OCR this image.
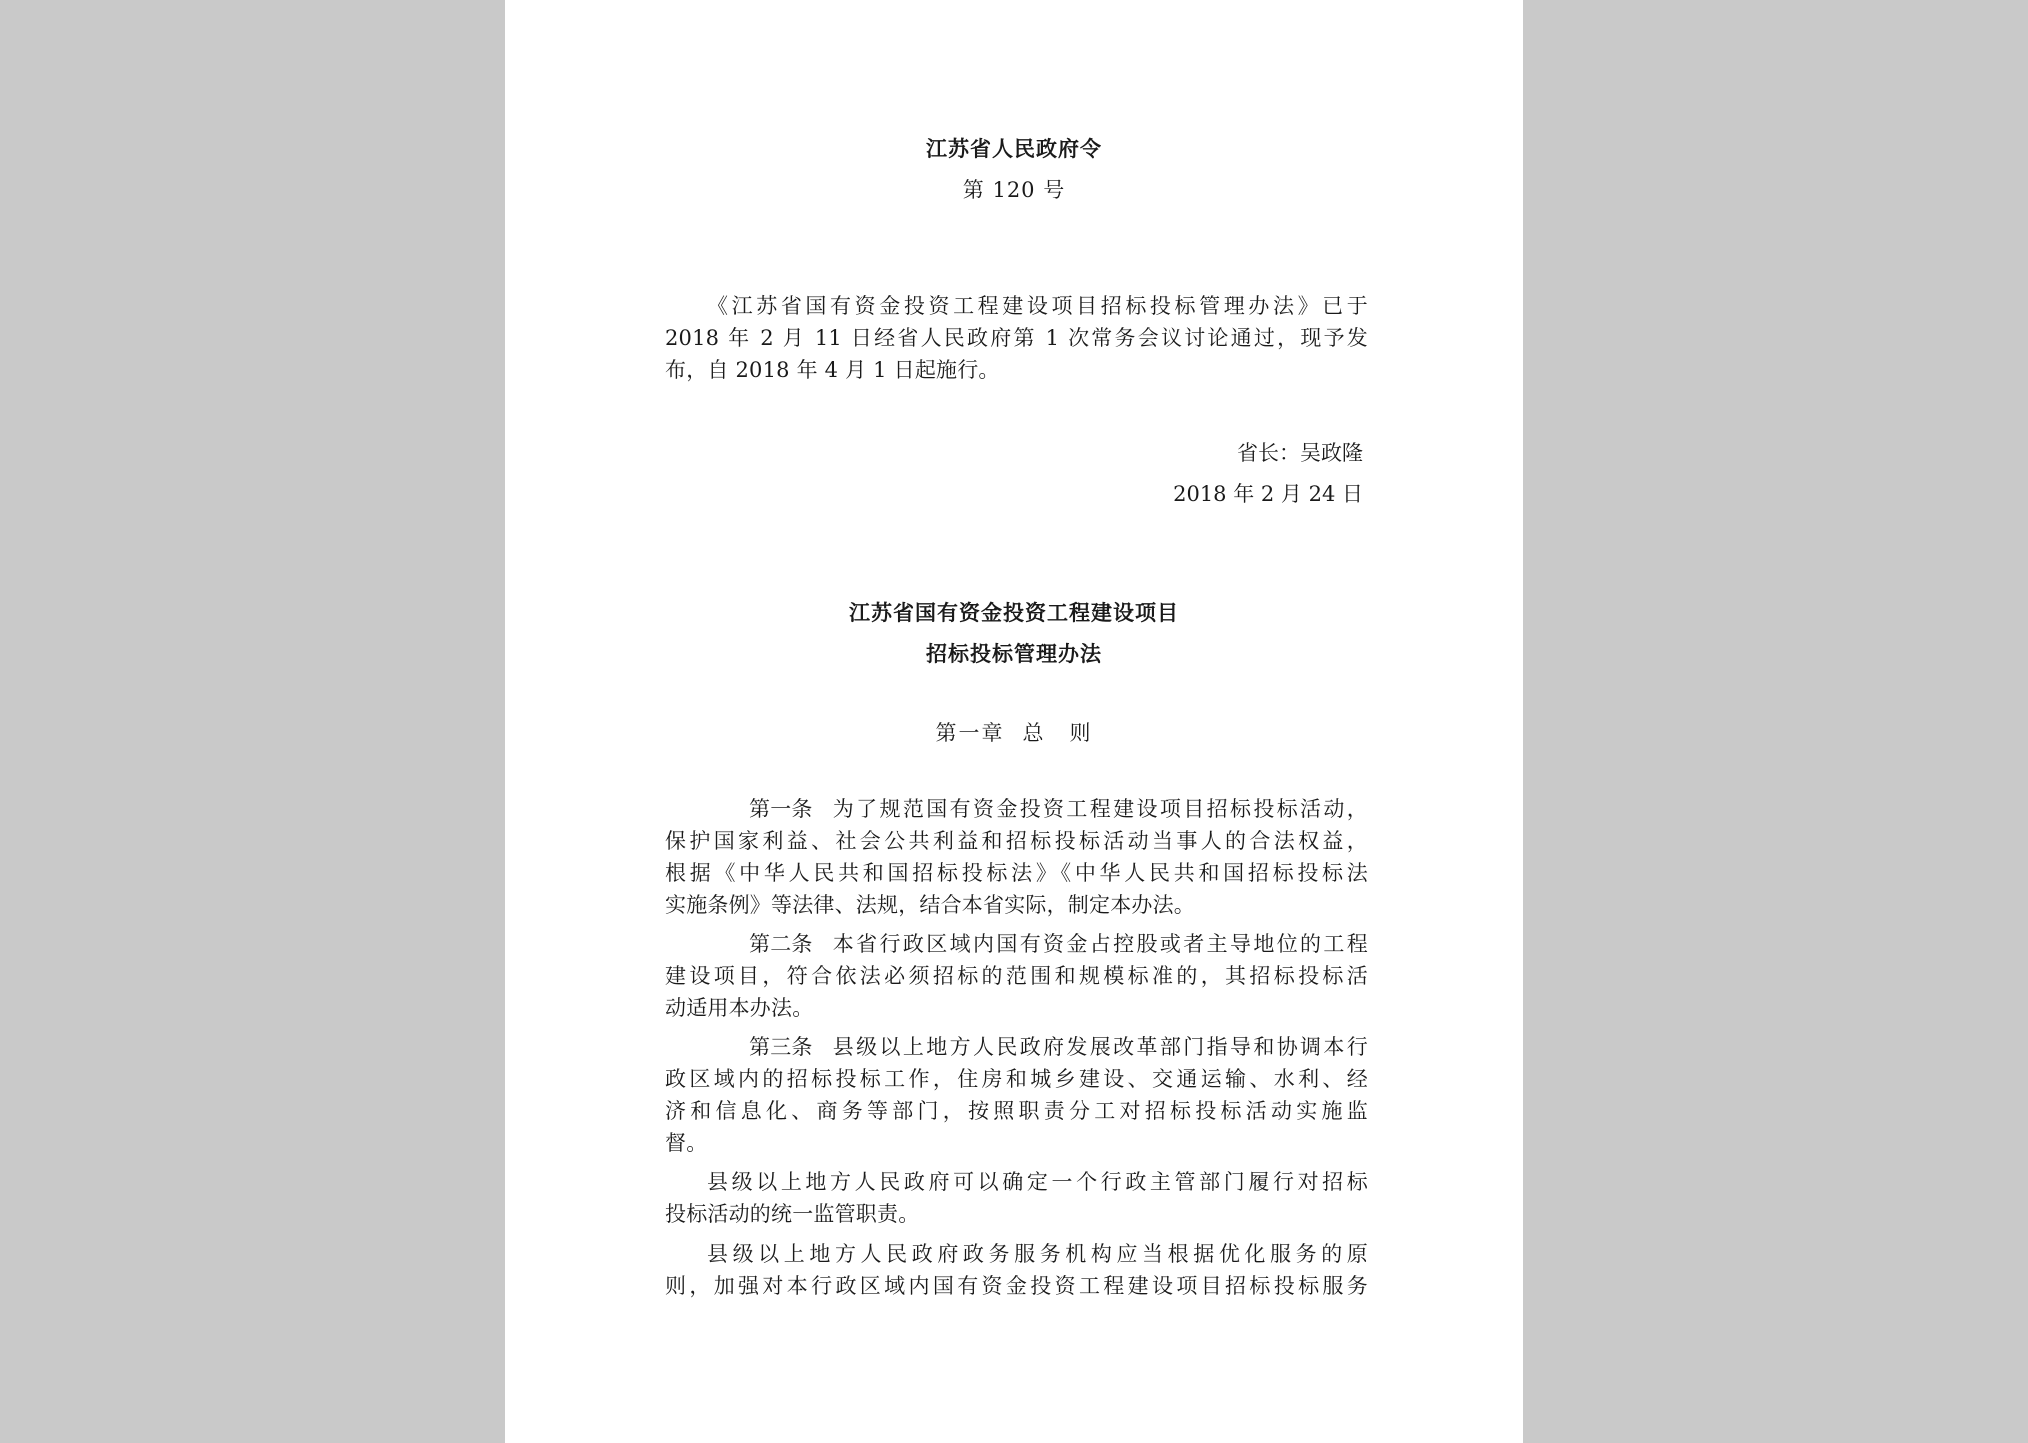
江苏省人民政府令
第 120 号
《江苏省国有资金投资工程建设项目招标投标管理办法》已于
2018 年 2 月 11 日经省人民政府第 1 次常务会议讨论通过，现予发
布，自 2018 年 4 月 1 日起施行。
省长：吴政隆
2018 年 2 月 24 日
江苏省国有资金投资工程建设项目
招标投标管理办法
第一章 总 则
第一条 为了规范国有资金投资工程建设项目招标投标活动，
保护国家利益、社会公共利益和招标投标活动当事人的合法权益，
根据《中华人民共和国招标投标法》《中华人民共和国招标投标法
实施条例》等法律、法规，结合本省实际，制定本办法。
第二条 本省行政区域内国有资金占控股或者主导地位的工程
建设项目，符合依法必须招标的范围和规模标准的，其招标投标活
动适用本办法。
第三条 县级以上地方人民政府发展改革部门指导和协调本行
政区域内的招标投标工作，住房和城乡建设、交通运输、水利、经
济和信息化、商务等部门，按照职责分工对招标投标活动实施监
督。
县级以上地方人民政府可以确定一个行政主管部门履行对招标
投标活动的统一监管职责。
县级以上地方人民政府政务服务机构应当根据优化服务的原
则，加强对本行政区域内国有资金投资工程建设项目招标投标服务
